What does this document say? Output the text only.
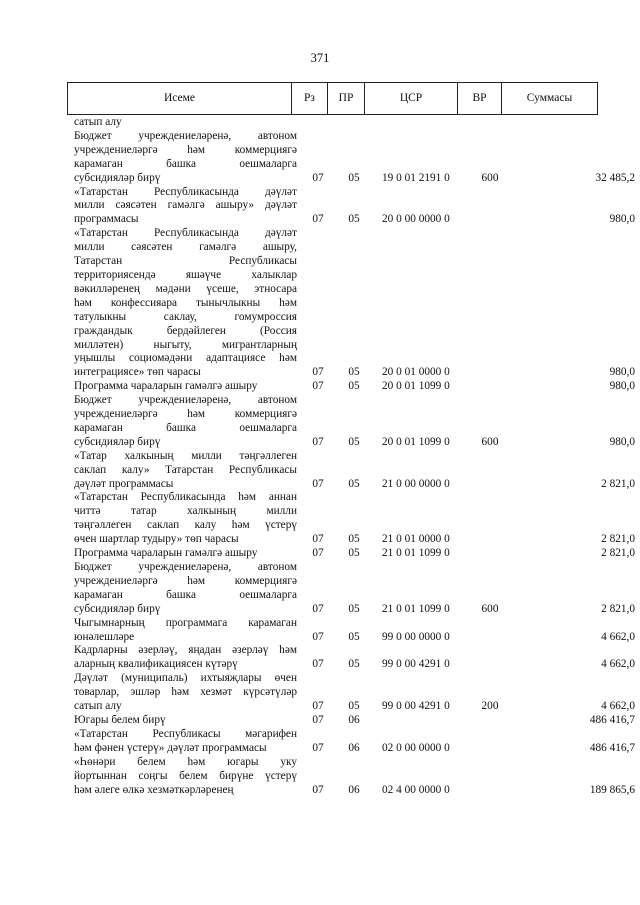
371
Исеме	Рз	ПР	ЦСР	ВР	Суммасы
сатып алу
Бюджет учреждениеләренә, автоном
учреждениеләргә һәм коммерциягә
карамаган башка оешмаларга
субсидияләр бирү	07	05	19 0 01 2191 0	600	32 485,2
«Татарстан Республикасында дәүләт
милли сәясәтен гамәлгә ашыру» дәүләт
программасы	07	05	20 0 00 0000 0	980,0
«Татарстан Республикасында дәүләт
милли сәясәтен гамәлгә ашыру,
Татарстан Республикасы
территориясендә яшәүче халыклар
вәкилләренең мәдәни үсеше, этносара
һәм конфессияара тынычлыкны һәм
татулыкны саклау, гомумроссия
граждандык бердәйлеген (Россия
милләтен) ныгыту, мигрантларның
уңышлы социомәдәни адаптациясе һәм
интеграциясе» төп чарасы	07	05	20 0 01 0000 0	980,0
Программа чараларын гамәлгә ашыру	07	05	20 0 01 1099 0	980,0
Бюджет учреждениеләренә, автоном
учреждениеләргә һәм коммерциягә
карамаган башка оешмаларга
субсидияләр бирү	07	05	20 0 01 1099 0	600	980,0
«Татар халкының милли тәңгәллеген
саклап калу» Татарстан Республикасы
дәүләт программасы	07	05	21 0 00 0000 0	2 821,0
«Татарстан Республикасында һәм аннан
читтә татар халкының милли
тәңгәллеген саклап калу һәм үстерү
өчен шартлар тудыру» төп чарасы	07	05	21 0 01 0000 0	2 821,0
Программа чараларын гамәлгә ашыру	07	05	21 0 01 1099 0	2 821,0
Бюджет учреждениеләренә, автоном
учреждениеләргә һәм коммерциягә
карамаган башка оешмаларга
субсидияләр бирү	07	05	21 0 01 1099 0	600	2 821,0
Чыгымнарның программага карамаган
юнәлешләре	07	05	99 0 00 0000 0	4 662,0
Кадрларны әзерләү, яңадан әзерләү һәм
аларның квалификациясен күтәрү	07	05	99 0 00 4291 0	4 662,0
Дәүләт (муниципаль) ихтыяҗлары өчен
товарлар, эшләр һәм хезмәт күрсәтүләр
сатып алу	07	05	99 0 00 4291 0	200	4 662,0
Югары белем бирү	07	06	486 416,7
«Татарстан Республикасы мәгарифен
һәм фәнен үстерү» дәүләт программасы	07	06	02 0 00 0000 0	486 416,7
«Һөнәри белем һәм югары уку
йортыннан соңгы белем бирүне үстерү
һәм әлеге өлкә хезмәткәрләренең	07	06	02 4 00 0000 0	189 865,6
